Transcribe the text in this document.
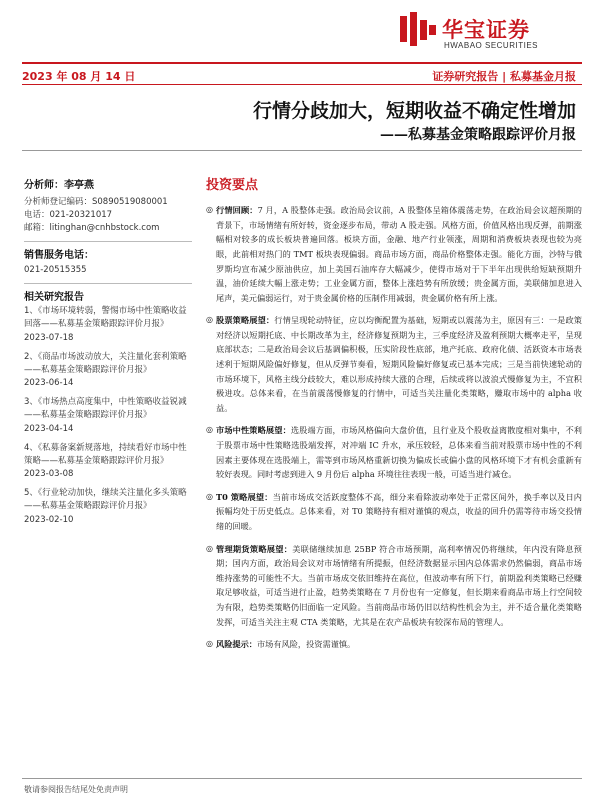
华宝证券
HWABAO SECURITIES
2023 年 08 月 14 日	证券研究报告 | 私募基金月报
行情分歧加大，短期收益不确定性增加
——私募基金策略跟踪评价月报
分析师：李亭燕
分析师登记编码：S0890519080001
电话：021-20321017
邮箱：litinghan@cnhbstock.com
销售服务电话：
021-20515355
相关研究报告
1、《市场环境转弱，警惕市场中性策略收益回落——私募基金策略跟踪评价月报》
2023-07-18
2、《商品市场波动放大，关注量化套利策略——私募基金策略跟踪评价月报》
2023-06-14
3、《市场热点高度集中，中性策略收益锐减——私募基金策略跟踪评价月报》
2023-04-14
4、《私募备案新规落地，持续看好市场中性策略——私募基金策略跟踪评价月报》
2023-03-08
5、《行业轮动加快，继续关注量化多头策略——私募基金策略跟踪评价月报》
2023-02-10
投资要点
◎ 行情回顾：7 月，A 股整体走强。政治局会议前，A 股整体呈箱体震荡走势，在政治局会议超预期的背景下，市场情绪有所好转，资金逐步布局，带动 A 股走强。风格方面，价值风格出现反弹，前期涨幅相对较多的成长板块普遍回落。板块方面，金融、地产行业领涨，周期和消费板块表现也较为亮眼，此前相对热门的 TMT 板块表现偏弱。商品市场方面，商品价格整体走强。能化方面，沙特与俄罗斯均宣布减少原油供应，加上美国石油库存大幅减少，使得市场对于下半年出现供给短缺预期升温，油价延续大幅上涨走势；工业金属方面，整体上涨趋势有所放缓；贵金属方面，美联储加息进入尾声，美元偏弱运行，对于贵金属价格的压制作用减弱，贵金属价格有所上涨。
◎ 股票策略展望：行情呈现轮动特征，应以均衡配置为基础，短期或以震荡为主，原因有三：一是政策对经济以短期托底、中长期改革为主，经济修复预期为主，三季度经济及盈利预期大概率走平，呈现底部状态；二是政治局会议后基调偏积极，压实阶段性底部，地产托底、政府化债、活跃资本市场表述利于短期风险偏好修复，但从反弹节奏看，短期风险偏好修复或已基本完成；三是当前快速轮动的市场环境下，风格主线分歧较大，难以形成持续大涨的合理，后续或将以波浪式慢修复为主，不宜积极进攻。总体来看，在当前震荡慢修复的行情中，可适当关注量化类策略，赚取市场中的 alpha 收益。
◎ 市场中性策略展望：选股端方面，市场风格偏向大盘价值，且行业及个股收益离散度相对集中，不利于股票市场中性策略选股端发挥，对冲端 IC 升水，承压较轻，总体来看当前对股票市场中性的不利因素主要体现在选股端上，需等到市场风格重新切换为偏成长或偏小盘的风格环境下才有机会重新有较好表现。同时考虑到进入 9 月份后 alpha 环境往往表现一般，可适当进行减仓。
◎ T0 策略展望：当前市场成交活跃度整体不高，细分来看除波动率处于正常区间外，换手率以及日内振幅均处于历史低点。总体来看，对 T0 策略持有相对谨慎的观点，收益的回升仍需等待市场交投情绪的回暖。
◎ 管理期货策略展望：美联储继续加息 25BP 符合市场预期，高利率情况仍将继续，年内没有降息预期；国内方面，政治局会议对市场情绪有所提振，但经济数据显示国内总体需求仍然偏弱，商品市场维持涨势的可能性不大。当前市场成交依旧维持在高位，但波动率有所下行，前期盈利类策略已经赚取足够收益，可适当进行止盈，趋势类策略在 7 月份也有一定修复，但长期来看商品市场上行空间较为有限，趋势类策略仍旧面临一定风险。当前商品市场仍旧以结构性机会为主，并不适合量化类策略发挥，可适当关注主观 CTA 类策略，尤其是在农产品板块有较深布局的管理人。
◎ 风险提示：市场有风险，投资需谨慎。
敬请参阅报告结尾处免责声明
